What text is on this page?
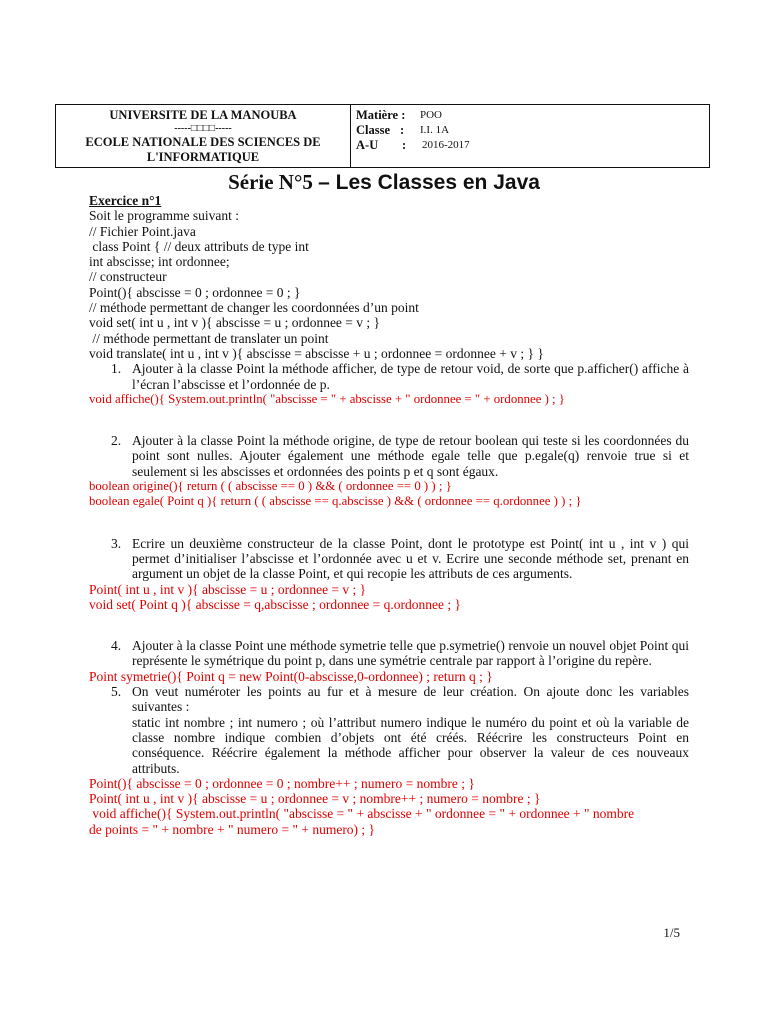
UNIVERSITE DE LA MANOUBA
-----□□□□-----
ECOLE NATIONALE DES SCIENCES DE
L'INFORMATIQUE
Matière :	POO
Classe :	I.I. 1A
A-U	:	2016-2017
Série N°5 – Les Classes en Java
Exercice n°1
Soit le programme suivant :
// Fichier Point.java
class Point { // deux attributs de type int
int abscisse; int ordonnee;
// constructeur
Point(){ abscisse = 0 ; ordonnee = 0 ; }
// méthode permettant de changer les coordonnées d’un point
void set( int u , int v ){ abscisse = u ; ordonnee = v ; }
// méthode permettant de translater un point
void translate( int u , int v ){ abscisse = abscisse + u ; ordonnee = ordonnee + v ; } }
1. Ajouter à la classe Point la méthode afficher, de type de retour void, de sorte que p.afficher() affiche à l’écran l’abscisse et l’ordonnée de p.
void affiche(){ System.out.println( "abscisse = " + abscisse + " ordonnee = " + ordonnee ) ; }
2. Ajouter à la classe Point la méthode origine, de type de retour boolean qui teste si les coordonnées du point sont nulles. Ajouter également une méthode egale telle que p.egale(q) renvoie true si et seulement si les abscisses et ordonnées des points p et q sont égaux.
boolean origine(){ return ( ( abscisse == 0 ) && ( ordonnee == 0 ) ) ; }
boolean egale( Point q ){ return ( ( abscisse == q.abscisse ) && ( ordonnee == q.ordonnee ) ) ; }
3. Ecrire un deuxième constructeur de la classe Point, dont le prototype est Point( int u , int v ) qui permet d’initialiser l’abscisse et l’ordonnée avec u et v. Ecrire une seconde méthode set, prenant en argument un objet de la classe Point, et qui recopie les attributs de ces arguments.
Point( int u , int v ){ abscisse = u ; ordonnee = v ; }
void set( Point q ){ abscisse = q,abscisse ; ordonnee = q.ordonnee ; }
4. Ajouter à la classe Point une méthode symetrie telle que p.symetrie() renvoie un nouvel objet Point qui représente le symétrique du point p, dans une symétrie centrale par rapport à l’origine du repère.
Point symetrie(){ Point q = new Point(0-abscisse,0-ordonnee) ; return q ; }
5. On veut numéroter les points au fur et à mesure de leur création. On ajoute donc les variables suivantes :
static int nombre ; int numero ; où l’attribut numero indique le numéro du point et où la variable de classe nombre indique combien d’objets ont été créés. Réécrire les constructeurs Point en conséquence. Réécrire également la méthode afficher pour observer la valeur de ces nouveaux attributs.
Point(){ abscisse = 0 ; ordonnee = 0 ; nombre++ ; numero = nombre ; }
Point( int u , int v ){ abscisse = u ; ordonnee = v ; nombre++ ; numero = nombre ; }
void affiche(){ System.out.println( "abscisse = " + abscisse + " ordonnee = " + ordonnee + " nombre
de points = " + nombre + " numero = " + numero) ; }
1/5
